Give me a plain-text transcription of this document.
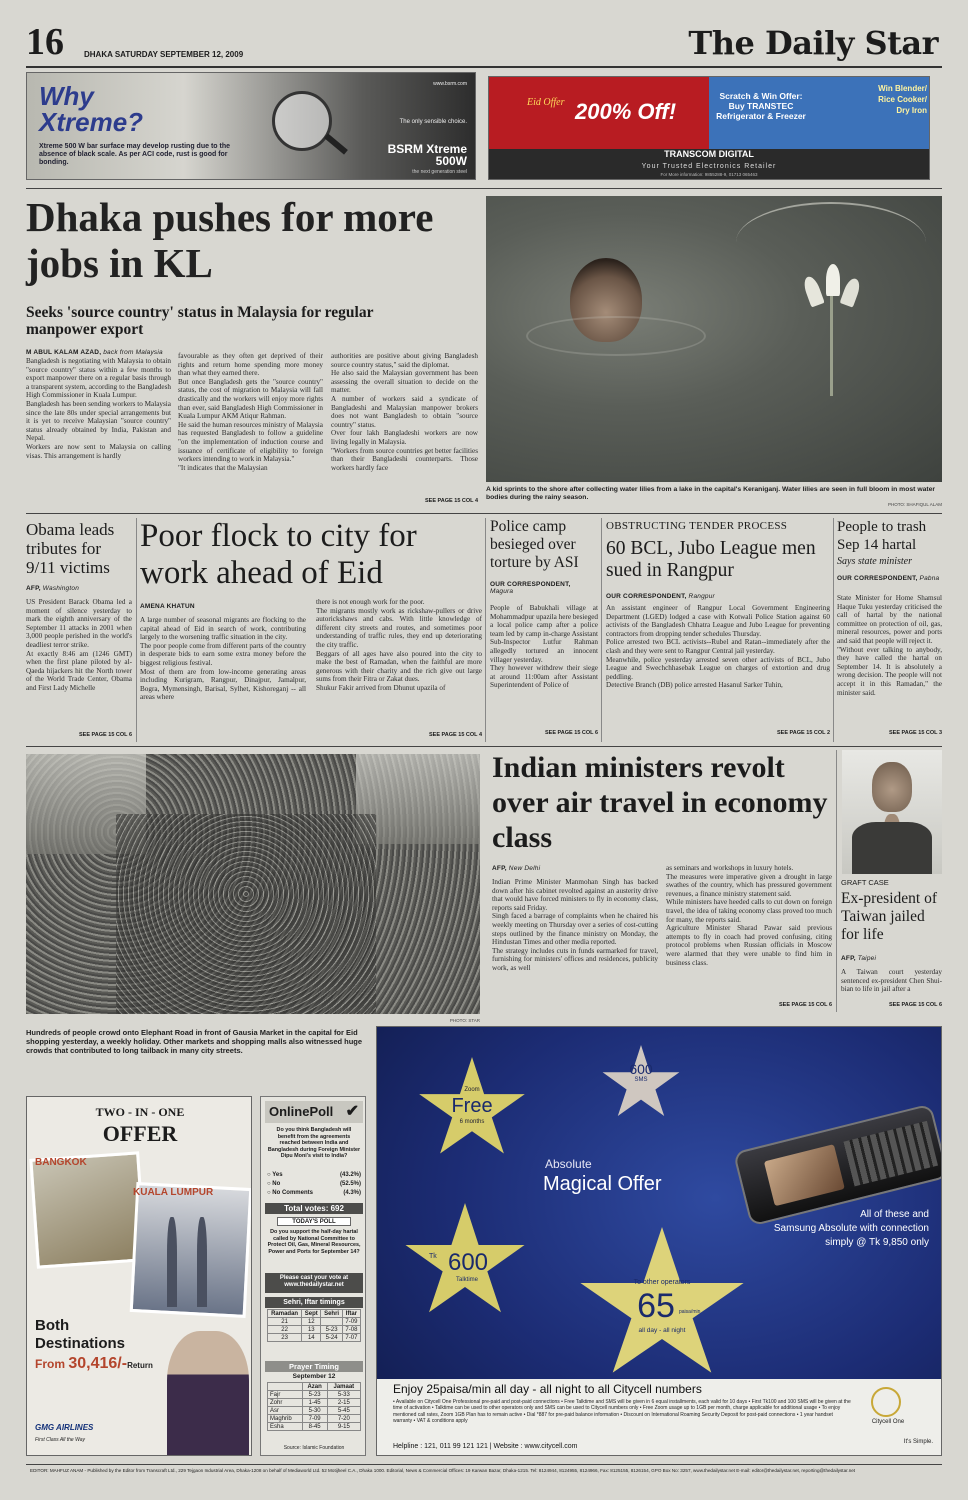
16	DHAKA SATURDAY SEPTEMBER 12, 2009	The Daily Star
Why Xtreme?
Xtreme 500 W bar surface may develop rusting due to the absence of black scale. As per ACI code, rust is good for bonding.
www.bsrm.com
The only sensible choice.
BSRM Xtreme 500W
the next generation steel
Eid Offer 200% Off!
Scratch & Win Offer: Buy TRANSTEC Refrigerator & Freezer
Win Blender/ Rice Cooker/ Dry Iron
TRANSCOM DIGITAL
Your Trusted Electronics Retailer
For More information: 9855288-9, 01713 065463
Dhaka pushes for more jobs in KL
Seeks 'source country' status in Malaysia for regular manpower export
M ABUL KALAM AZAD, back from Malaysia
Bangladesh is negotiating with Malaysia to obtain "source country" status within a few months to export manpower there on a regular basis through a transparent system, according to the Bangladesh High Commissioner in Kuala Lumpur.
Bangladesh has been sending workers to Malaysia since the late 80s under special arrangements but it is yet to receive Malaysian "source country" status already obtained by India, Pakistan and Nepal.
Workers are now sent to Malaysia on calling visas. This arrangement is hardly
favourable as they often get deprived of their rights and return home spending more money than what they earned there.
But once Bangladesh gets the "source country" status, the cost of migration to Malaysia will fall drastically and the workers will enjoy more rights than ever, said Bangladesh High Commissioner in Kuala Lumpur AKM Atiqur Rahman.
He said the human resources ministry of Malaysia has requested Bangladesh to follow a guideline "on the implementation of induction course and issuance of certificate of eligibility to foreign workers intending to work in Malaysia."
"It indicates that the Malaysian
authorities are positive about giving Bangladesh source country status," said the diplomat.
He also said the Malaysian government has been assessing the overall situation to decide on the matter.
A number of workers said a syndicate of Bangladeshi and Malaysian manpower brokers does not want Bangladesh to obtain "source country" status.
Over four lakh Bangladeshi workers are now living legally in Malaysia.
"Workers from source countries get better facilities than their Bangladeshi counterparts. Those workers hardly face
SEE PAGE 15 COL 4
A kid sprints to the shore after collecting water lilies from a lake in the capital's Keraniganj. Water lilies are seen in full bloom in most water bodies during the rainy season.
PHOTO: SHAFIQUL ALAM
Obama leads tributes for 9/11 victims
AFP, Washington
US President Barack Obama led a moment of silence yesterday to mark the eighth anniversary of the September 11 attacks in 2001 when 3,000 people perished in the world's deadliest terror strike.
At exactly 8:46 am (1246 GMT) when the first plane piloted by al-Qaeda hijackers hit the North tower of the World Trade Center, Obama and First Lady Michelle
SEE PAGE 15 COL 6
Poor flock to city for work ahead of Eid
AMENA KHATUN
A large number of seasonal migrants are flocking to the capital ahead of Eid in search of work, contributing largely to the worsening traffic situation in the city.
The poor people come from different parts of the country in desperate bids to earn some extra money before the biggest religious festival.
Most of them are from low-income generating areas including Kurigram, Rangpur, Dinajpur, Jamalpur, Bogra, Mymensingh, Barisal, Sylhet, Kishoreganj -- all areas where
there is not enough work for the poor.
The migrants mostly work as rickshaw-pullers or drive autorickshaws and cabs. With little knowledge of different city streets and routes, and sometimes poor understanding of traffic rules, they end up deteriorating the city traffic.
Beggars of all ages have also poured into the city to make the best of Ramadan, when the faithful are more generous with their charity and the rich give out large sums from their Fitra or Zakat dues.
Shukur Fakir arrived from Dhunut upazila of
SEE PAGE 15 COL 4
Police camp besieged over torture by ASI
OUR CORRESPONDENT,
Magura
People of Babukhali village at Mohammadpur upazila here besieged a local police camp after a police team led by camp in-charge Assistant Sub-Inspector Lutfur Rahman allegedly tortured an innocent villager yesterday.
They however withdrew their siege at around 11:00am after Assistant Superintendent of Police of
SEE PAGE 15 COL 6
OBSTRUCTING TENDER PROCESS
60 BCL, Jubo League men sued in Rangpur
OUR CORRESPONDENT, Rangpur
An assistant engineer of Rangpur Local Government Engineering Department (LGED) lodged a case with Kotwali Police Station against 60 activists of the Bangladesh Chhatra League and Jubo League for preventing contractors from dropping tender schedules Thursday.
Police arrested two BCL activists--Rubel and Ratan--immediately after the clash and they were sent to Rangpur Central jail yesterday.
Meanwhile, police yesterday arrested seven other activists of BCL, Jubo League and Swechchhasebak League on charges of extortion and drug peddling.
Detective Branch (DB) police arrested Hasanul Sarker Tuhin,
SEE PAGE 15 COL 2
People to trash Sep 14 hartal
Says state minister
OUR CORRESPONDENT, Pabna
State Minister for Home Shamsul Haque Tuku yesterday criticised the call of hartal by the national committee on protection of oil, gas, mineral resources, power and ports and said that people will reject it.
"Without ever talking to anybody, they have called the hartal on September 14. It is absolutely a wrong decision. The people will not accept it in this Ramadan," the minister said.
SEE PAGE 15 COL 3
PHOTO: STAR
Hundreds of people crowd onto Elephant Road in front of Gausia Market in the capital for Eid shopping yesterday, a weekly holiday. Other markets and shopping malls also witnessed huge crowds that contributed to long tailback in many city streets.
Indian ministers revolt over air travel in economy class
AFP, New Delhi
Indian Prime Minister Manmohan Singh has backed down after his cabinet revolted against an austerity drive that would have forced ministers to fly in economy class, reports said Friday.
Singh faced a barrage of complaints when he chaired his weekly meeting on Thursday over a series of cost-cutting steps outlined by the finance ministry on Monday, the Hindustan Times and other media reported.
The strategy includes cuts in funds earmarked for travel, furnishing for ministers' offices and residences, publicity work, as well
as seminars and workshops in luxury hotels.
The measures were imperative given a drought in large swathes of the country, which has pressured government revenues, a finance ministry statement said.
While ministers have heeded calls to cut down on foreign travel, the idea of taking economy class proved too much for many, the reports said.
Agriculture Minister Sharad Pawar said previous attempts to fly in coach had proved confusing, citing protocol problems when Russian officials in Moscow were alarmed that they were unable to find him in business class.
SEE PAGE 15 COL 6
GRAFT CASE
Ex-president of Taiwan jailed for life
AFP, Taipei
A Taiwan court yesterday sentenced ex-president Chen Shui-bian to life in jail after a
SEE PAGE 15 COL 6
TWO - IN - ONE
OFFER
BANGKOK
KUALA LUMPUR
Both Destinations
From 30,416/-Return
GMG AIRLINES
First Class All the Way
OnlinePoll ✔
Do you think Bangladesh will benefit from the agreements reached between India and Bangladesh during Foreign Minister Dipu Moni's visit to India?
○ Yes	(43.2%)
○ No	(52.5%)
○ No Comments	(4.3%)
Total votes: 692
TODAY'S POLL
Do you support the half-day hartal called by National Committee to Protect Oil, Gas, Mineral Resources, Power and Ports for September 14?
Please cast your vote at www.thedailystar.net
Sehri, Iftar timings
Ramadan	Sept	Sehri	Iftar
21	12		7-09
22	13	5-23	7-08
23	14	5-24	7-07
Prayer Timing
September 12
	Azan	Jamaat
Fajr	5-23	5-33
Zohr	1-45	2-15
Asr	5-30	5-45
Maghrib	7-09	7-20
Esha	8-45	9-15
Source: Islamic Foundation
Zoom
Free
6 months
600
SMS
Tk 600
Talktime	To other operators
65 paisa/min
all day - all night
Absolute
Magical Offer
All of these and
Samsung Absolute with connection
simply @ Tk 9,850 only
Enjoy 25paisa/min all day - all night to all Citycell numbers
• Available on Citycell One Professional pre-paid and post-paid connections • Free Talktime and SMS will be given in 6 equal installments, each valid for 10 days • First Tk100 and 100 SMS will be given at the time of activation • Talktime can be used to other operators only and SMS can be used to Citycell numbers only • Free Zoom usage up to 1GB per month, charge applicable for additional usage • To enjoy mentioned call rates, Zoom 1GB Plan has to remain active • Dial *887 for pre-paid balance information • Discount on International Roaming Security Deposit for post-paid connections • 1 year handset warranty • VAT & conditions apply
Helpline : 121, 011 99 121 121 | Website : www.citycell.com
Citycell One
It's Simple.
EDITOR: MAHFUZ ANAM - Published by the Editor from Transcraft Ltd., 229 Tejgaon Industrial Area, Dhaka-1208 on behalf of Mediaworld Ltd. 52 Motijheel C.A., Dhaka 1000. Editorial, News & Commercial Offices: 19 Karwan Bazar, Dhaka-1215. Tel: 8124944, 8124955, 8124966, Fax: 8125155, 8126154, GPO Box No: 3257, www.thedailystar.net E-mail: editor@thedailystar.net, reporting@thedailystar.net
